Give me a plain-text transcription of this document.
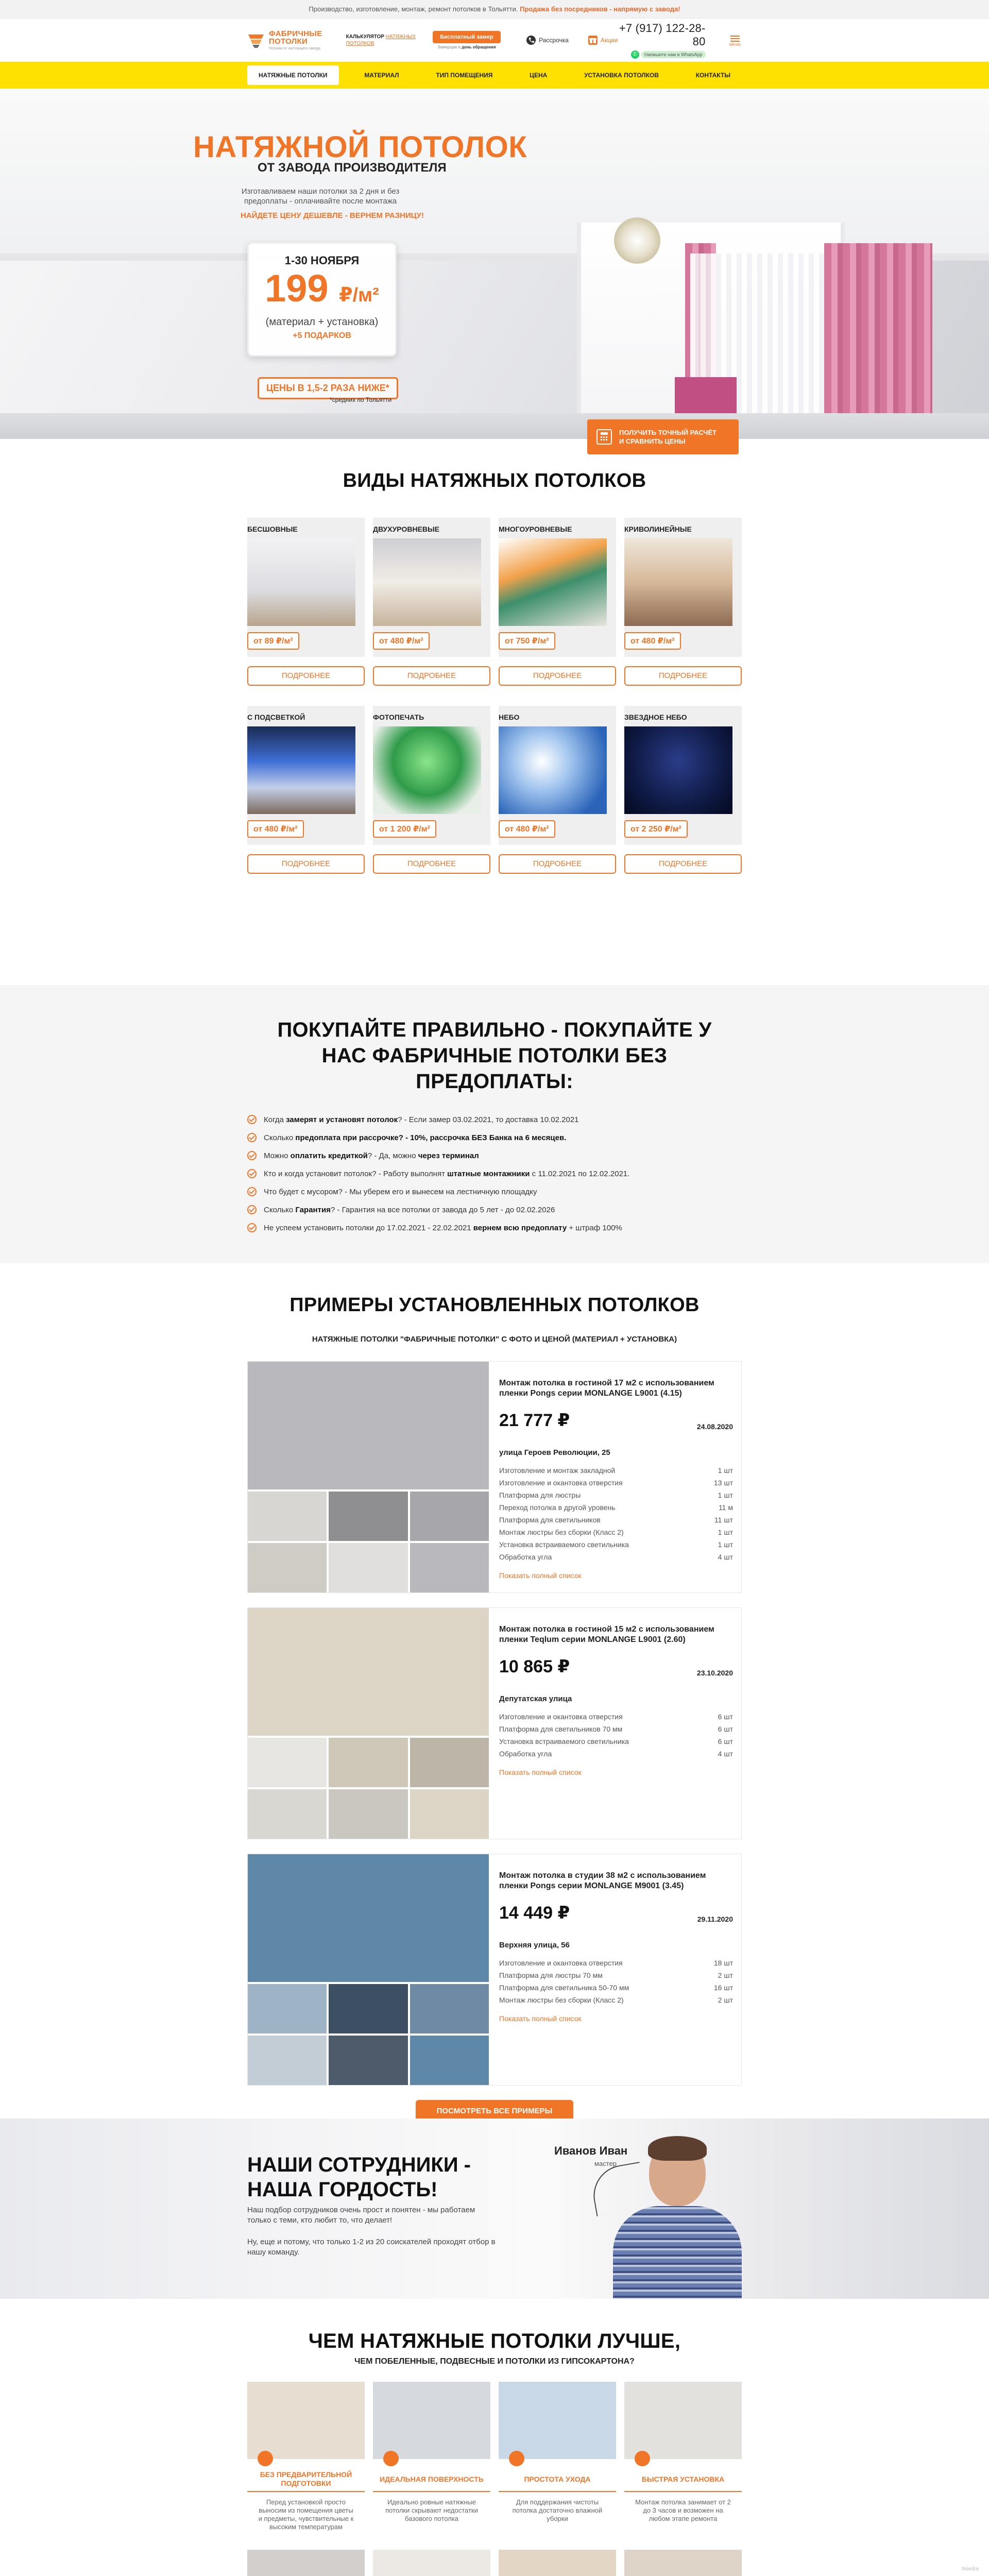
Производство, изготовление, монтаж, ремонт потолков в Тольятти. Продажа без посредников - напрямую с завода!
ФАБРИЧНЫЕ
ПОТОЛКИ
Потолки от настоящего завода
КАЛЬКУЛЯТОР НАТЯЖНЫХ ПОТОЛКОВ
Бесплатный замер
Замерщик в день обращения
Рассрочка	Акции
+7 (917) 122-28-80
✆	Напишите нам в WhatsApp
МЕНЮ
НАТЯЖНЫЕ ПОТОЛКИ	МАТЕРИАЛ	ТИП ПОМЕЩЕНИЯ	ЦЕНА	УСТАНОВКА ПОТОЛКОВ	КОНТАКТЫ
НАТЯЖНОЙ ПОТОЛОК
ОТ ЗАВОДА ПРОИЗВОДИТЕЛЯ
Изготавливаем наши потолки за 2 дня и без предоплаты - оплачивайте после монтажа
НАЙДЕТЕ ЦЕНУ ДЕШЕВЛЕ - ВЕРНЕМ РАЗНИЦУ!
1-30 НОЯБРЯ
199 ₽/м²
(материал + установка)
+5 ПОДАРКОВ
ЦЕНЫ В 1,5-2 РАЗА НИЖЕ*
*средних по Тольятти
ПОЛУЧИТЬ ТОЧНЫЙ РАСЧЁТ
И СРАВНИТЬ ЦЕНЫ
ВИДЫ НАТЯЖНЫХ ПОТОЛКОВ
БЕСШОВНЫЕ
от 89 ₽/м²
ПОДРОБНЕЕ
ДВУХУРОВНЕВЫЕ
от 480 ₽/м²
ПОДРОБНЕЕ
МНОГОУРОВНЕВЫЕ
от 750 ₽/м²
ПОДРОБНЕЕ
КРИВОЛИНЕЙНЫЕ
от 480 ₽/м²
ПОДРОБНЕЕ
С ПОДСВЕТКОЙ
от 480 ₽/м²
ПОДРОБНЕЕ
ФОТОПЕЧАТЬ
от 1 200 ₽/м²
ПОДРОБНЕЕ
НЕБО
от 480 ₽/м²
ПОДРОБНЕЕ
ЗВЕЗДНОЕ НЕБО
от 2 250 ₽/м²
ПОДРОБНЕЕ
ПОКУПАЙТЕ ПРАВИЛЬНО - ПОКУПАЙТЕ У
НАС ФАБРИЧНЫЕ ПОТОЛКИ БЕЗ
ПРЕДОПЛАТЫ:
Когда замерят и установят потолок? - Если замер 03.02.2021, то доставка 10.02.2021
Сколько предоплата при рассрочке? - 10%, рассрочка БЕЗ Банка на 6 месяцев.
Можно оплатить кредиткой? - Да, можно через терминал
Кто и когда установит потолок? - Работу выполнят штатные монтажники с 11.02.2021 по 12.02.2021.
Что будет с мусором? - Мы уберем его и вынесем на лестничную площадку
Сколько Гарантия? - Гарантия на все потолки от завода до 5 лет - до 02.02.2026
Не успеем установить потолки до 17.02.2021 - 22.02.2021 вернем всю предоплату + штраф 100%
ПРИМЕРЫ УСТАНОВЛЕННЫХ ПОТОЛКОВ
НАТЯЖНЫЕ ПОТОЛКИ "ФАБРИЧНЫЕ ПОТОЛКИ" С ФОТО И ЦЕНОЙ (МАТЕРИАЛ + УСТАНОВКА)
Монтаж потолка в гостиной 17 м2 с использованием пленки Pongs серии MONLANGE L9001 (4.15)
21 777 ₽	24.08.2020
улица Героев Революции, 25
Изготовление и монтаж закладной	1 шт
Изготовление и окантовка отверстия	13 шт
Платформа для люстры	1 шт
Переход потолка в другой уровень	11 м
Платформа для светильников	11 шт
Монтаж люстры без сборки (Класс 2)	1 шт
Установка встраиваемого светильника	1 шт
Обработка угла	4 шт
Показать полный список
Монтаж потолка в гостиной 15 м2 с использованием пленки Teqlum серии MONLANGE L9001 (2.60)
10 865 ₽	23.10.2020
Депутатская улица
Изготовление и окантовка отверстия	6 шт
Платформа для светильников 70 мм	6 шт
Установка встраиваемого светильника	6 шт
Обработка угла	4 шт
Показать полный список
Монтаж потолка в студии 38 м2 с использованием пленки Pongs серии MONLANGE M9001 (3.45)
14 449 ₽	29.11.2020
Верхняя улица, 56
Изготовление и окантовка отверстия	18 шт
Платформа для люстры 70 мм	2 шт
Платформа для светильника 50-70 мм	16 шт
Монтаж люстры без сборки (Класс 2)	2 шт
Показать полный список
ПОСМОТРЕТЬ ВСЕ ПРИМЕРЫ
НАШИ СОТРУДНИКИ -
НАША ГОРДОСТЬ!
Наш подбор сотрудников очень прост и понятен - мы работаем только с теми, кто любит то, что делает!
Ну, еще и потому, что только 1-2 из 20 соискателей проходят отбор в нашу команду.
Иванов Иван
мастер
ЧЕМ НАТЯЖНЫЕ ПОТОЛКИ ЛУЧШЕ,
ЧЕМ ПОБЕЛЕННЫЕ, ПОДВЕСНЫЕ И ПОТОЛКИ ИЗ ГИПСОКАРТОНА?
БЕЗ ПРЕДВАРИТЕЛЬНОЙ ПОДГОТОВКИ
Перед установкой просто выносим из помещения цветы и предметы, чувствительные к высоким температурам
ИДЕАЛЬНАЯ ПОВЕРХНОСТЬ
Идеально ровные натяжные потолки скрывают недостатки базового потолка
ПРОСТОТА УХОДА
Для поддержания чистоты потолка достаточно влажной уборки
БЫСТРАЯ УСТАНОВКА
Монтаж потолка занимает от 2 до 3 часов и возможен на любом этапе ремонта
Noedra
